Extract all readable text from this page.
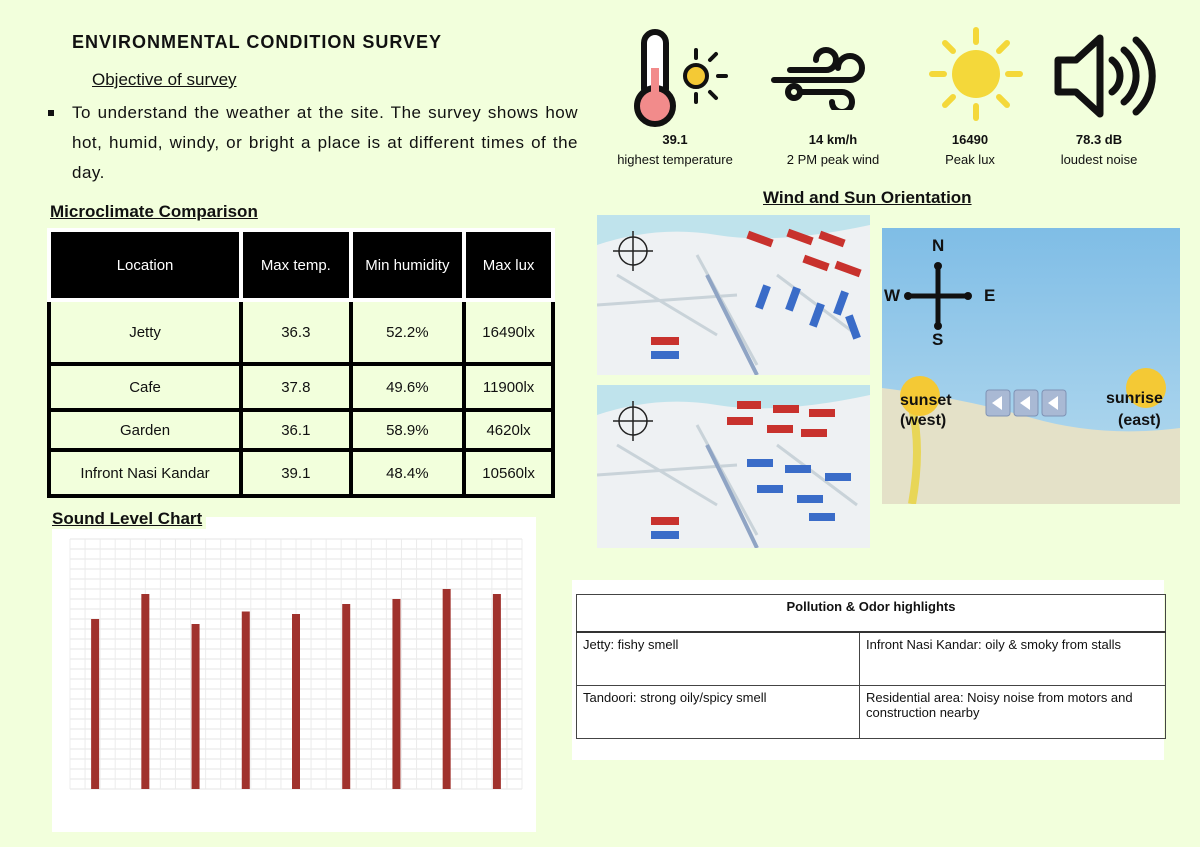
ENVIRONMENTAL CONDITION SURVEY
Objective of survey
To understand the weather at the site. The survey shows how hot, humid, windy, or bright a place is at different times of the day.
39.1
highest temperature
14 km/h
2 PM peak wind
16490
Peak lux
78.3 dB
loudest noise
Microclimate Comparison
Location	Max temp.	Min humidity	Max lux
Jetty	36.3	52.2%	16490lx
Cafe	37.8	49.6%	11900lx
Garden	36.1	58.9%	4620lx
Infront Nasi Kandar	39.1	48.4%	10560lx
Sound Level Chart
Wind and Sun Orientation
N
S
E
W
sunset
(west)
sunrise
(east)
Pollution & Odor highlights	
Jetty: fishy smell	Infront Nasi Kandar: oily & smoky from stalls
Tandoori: strong oily/spicy smell	Residential area: Noisy noise from motors and construction nearby
